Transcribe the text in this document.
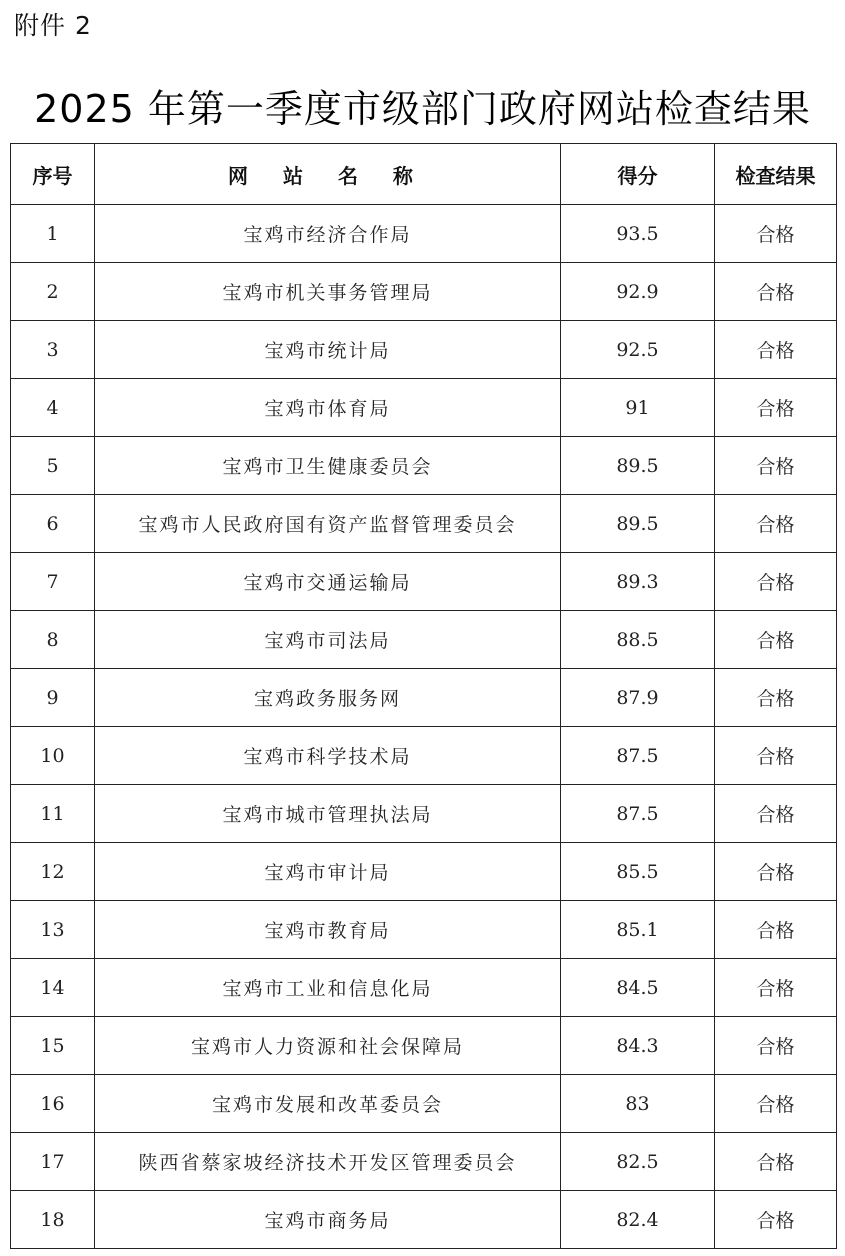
附件 2
2025 年第一季度市级部门政府网站检查结果
序号	网 站 名 称	得分	检查结果
1	宝鸡市经济合作局	93.5	合格
2	宝鸡市机关事务管理局	92.9	合格
3	宝鸡市统计局	92.5	合格
4	宝鸡市体育局	91	合格
5	宝鸡市卫生健康委员会	89.5	合格
6	宝鸡市人民政府国有资产监督管理委员会	89.5	合格
7	宝鸡市交通运输局	89.3	合格
8	宝鸡市司法局	88.5	合格
9	宝鸡政务服务网	87.9	合格
10	宝鸡市科学技术局	87.5	合格
11	宝鸡市城市管理执法局	87.5	合格
12	宝鸡市审计局	85.5	合格
13	宝鸡市教育局	85.1	合格
14	宝鸡市工业和信息化局	84.5	合格
15	宝鸡市人力资源和社会保障局	84.3	合格
16	宝鸡市发展和改革委员会	83	合格
17	陕西省蔡家坡经济技术开发区管理委员会	82.5	合格
18	宝鸡市商务局	82.4	合格
